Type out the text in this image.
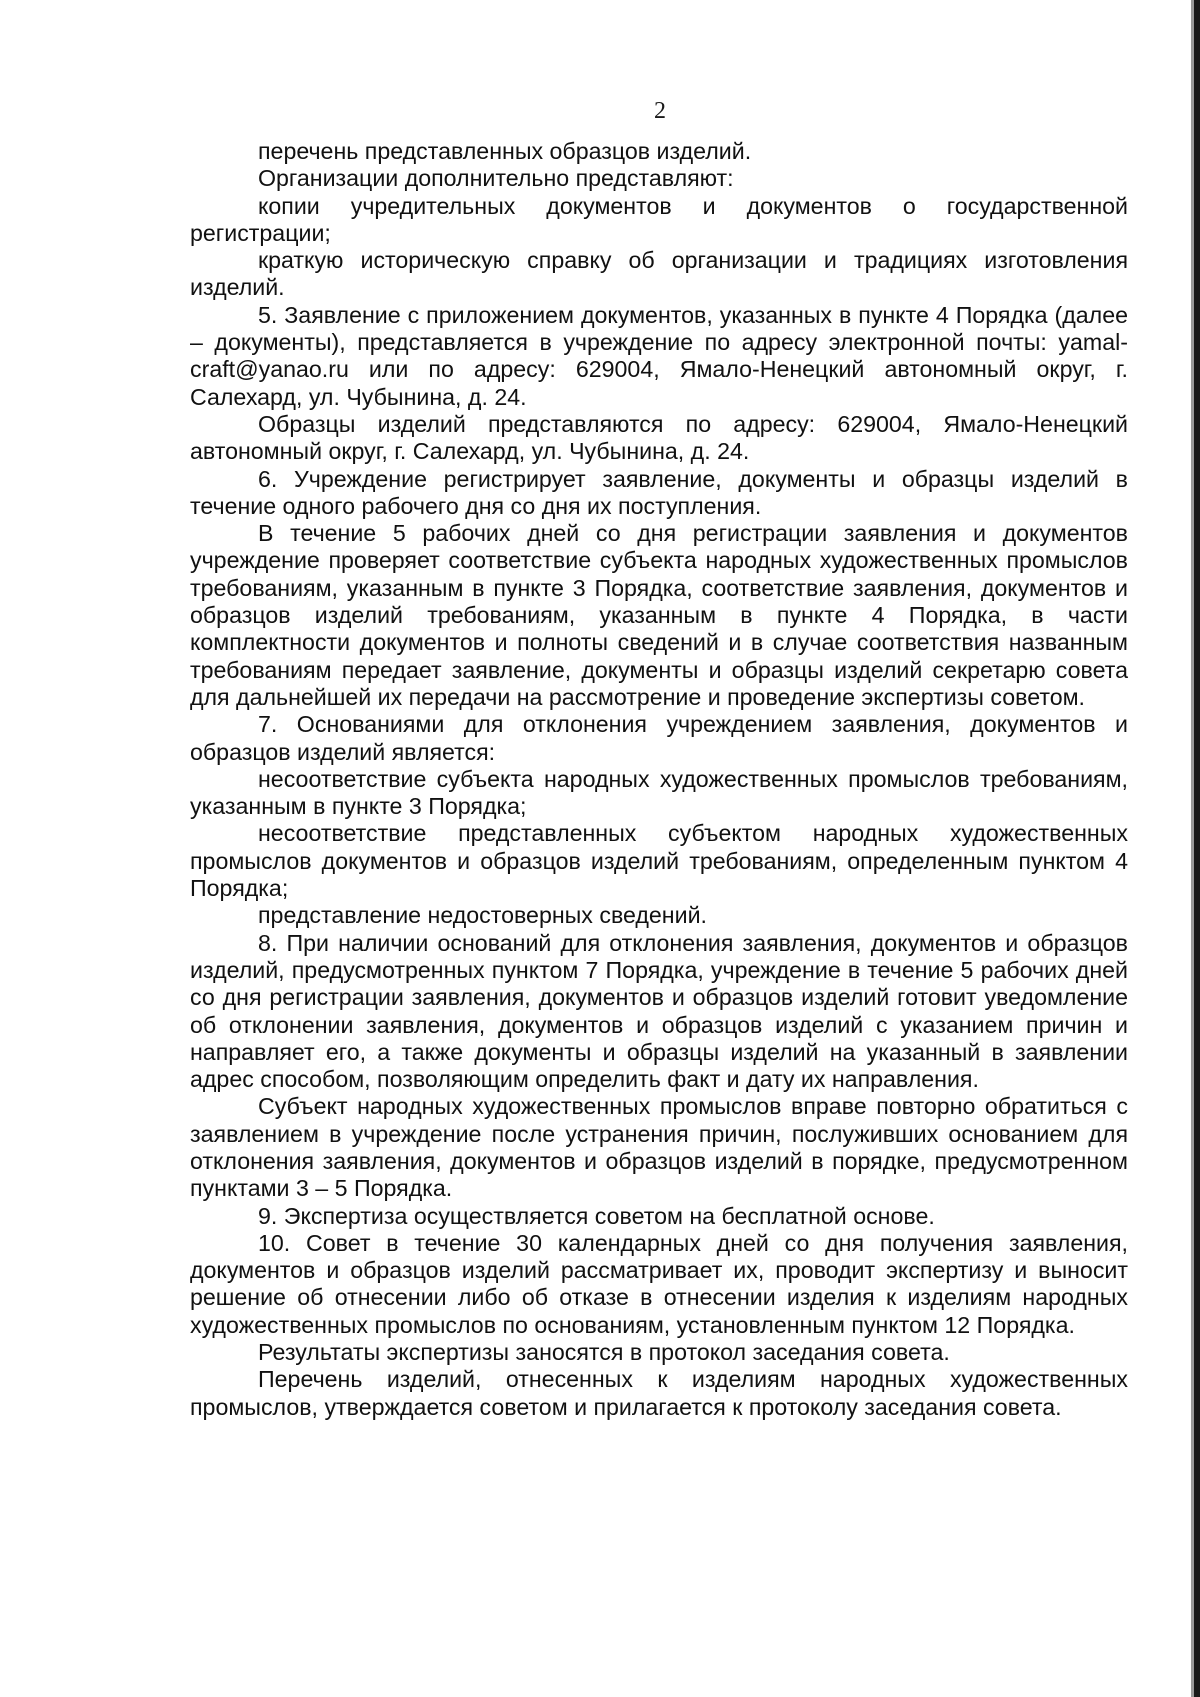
2

перечень представленных образцов изделий.

Организации дополнительно представляют:

копии учредительных документов и документов о государственной регистрации;

краткую историческую справку об организации и традициях изготовления изделий.

5. Заявление с приложением документов, указанных в пункте 4 Порядка (далее – документы), представляется в учреждение по адресу электронной почты: yamal-craft@yanao.ru или по адресу: 629004, Ямало-Ненецкий автономный округ, г. Салехард, ул. Чубынина, д. 24.

Образцы изделий представляются по адресу: 629004, Ямало-Ненецкий автономный округ, г. Салехард, ул. Чубынина, д. 24.

6. Учреждение регистрирует заявление, документы и образцы изделий в течение одного рабочего дня со дня их поступления.

В течение 5 рабочих дней со дня регистрации заявления и документов учреждение проверяет соответствие субъекта народных художественных промыслов требованиям, указанным в пункте 3 Порядка, соответствие заявления, документов и образцов изделий требованиям, указанным в пункте 4 Порядка, в части комплектности документов и полноты сведений и в случае соответствия названным требованиям передает заявление, документы и образцы изделий секретарю совета для дальнейшей их передачи на рассмотрение и проведение экспертизы советом.

7. Основаниями для отклонения учреждением заявления, документов и образцов изделий является:

несоответствие субъекта народных художественных промыслов требованиям, указанным в пункте 3 Порядка;

несоответствие представленных субъектом народных художественных промыслов документов и образцов изделий требованиям, определенным пунктом 4 Порядка;

представление недостоверных сведений.

8. При наличии оснований для отклонения заявления, документов и образцов изделий, предусмотренных пунктом 7 Порядка, учреждение в течение 5 рабочих дней со дня регистрации заявления, документов и образцов изделий готовит уведомление об отклонении заявления, документов и образцов изделий с указанием причин и направляет его, а также документы и образцы изделий на указанный в заявлении адрес способом, позволяющим определить факт и дату их направления.

Субъект народных художественных промыслов вправе повторно обратиться с заявлением в учреждение после устранения причин, послуживших основанием для отклонения заявления, документов и образцов изделий в порядке, предусмотренном пунктами 3 – 5 Порядка.

9. Экспертиза осуществляется советом на бесплатной основе.

10. Совет в течение 30 календарных дней со дня получения заявления, документов и образцов изделий рассматривает их, проводит экспертизу и выносит решение об отнесении либо об отказе в отнесении изделия к изделиям народных художественных промыслов по основаниям, установленным пунктом 12 Порядка.

Результаты экспертизы заносятся в протокол заседания совета.

Перечень изделий, отнесенных к изделиям народных художественных промыслов, утверждается советом и прилагается к протоколу заседания совета.
